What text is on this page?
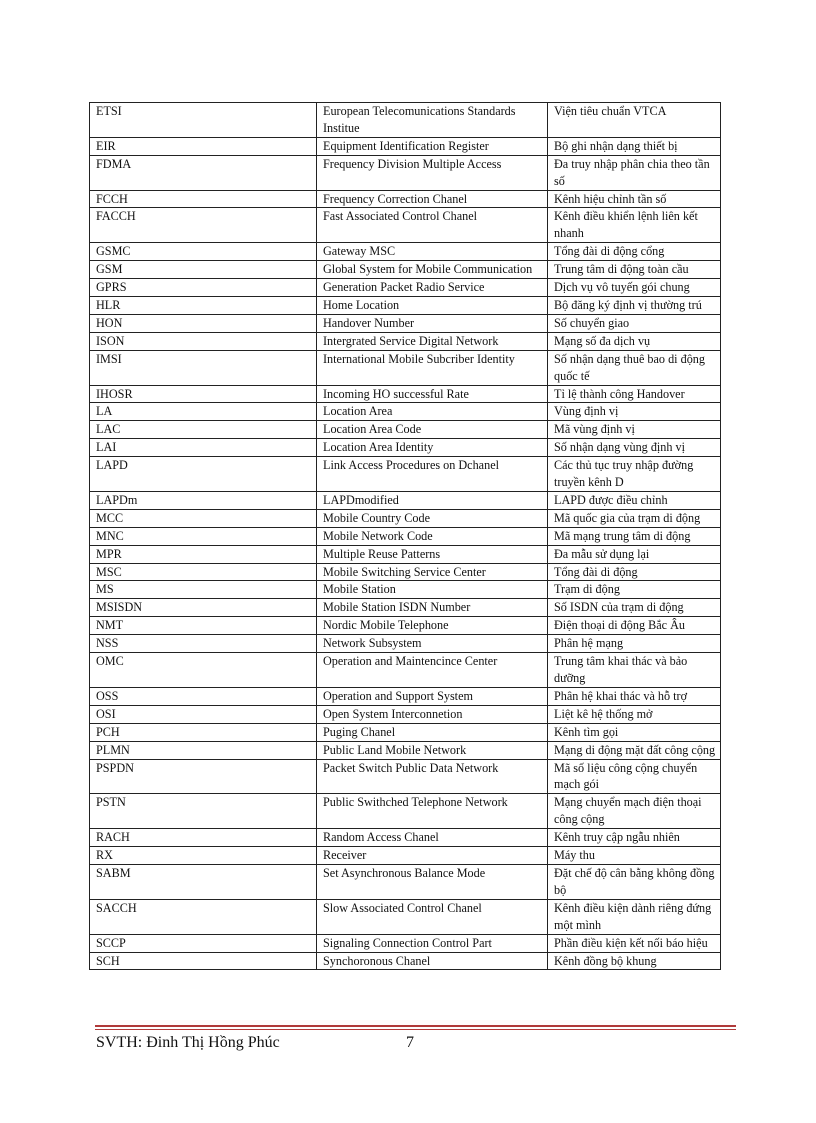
ETSI	European Telecomunications Standards Institue	Viện tiêu chuẩn VTCA
EIR	Equipment Identification Register	Bộ ghi nhận dạng thiết bị
FDMA	Frequency Division Multiple Access	Đa truy nhập phân chia theo tần số
FCCH	Frequency Correction Chanel	Kênh hiệu chỉnh tần số
FACCH	Fast Associated Control Chanel	Kênh điều khiển lệnh liên kết nhanh
GSMC	Gateway MSC	Tổng đài di động cổng
GSM	Global System for Mobile Communication	Trung tâm di động toàn cầu
GPRS	Generation Packet Radio Service	Dịch vụ vô tuyến gói chung
HLR	Home Location	Bộ đăng ký định vị thường trú
HON	Handover Number	Số chuyển giao
ISON	Intergrated Service Digital Network	Mạng số đa dịch vụ
IMSI	International Mobile Subcriber Identity	Số nhận dạng thuê bao di động quốc tế
IHOSR	Incoming HO successful Rate	Tỉ lệ thành công Handover
LA	Location Area	Vùng định vị
LAC	Location Area Code	Mã vùng định vị
LAI	Location Area Identity	Số nhận dạng vùng định vị
LAPD	Link Access Procedures on Dchanel	Các thủ tục truy nhập đường truyền kênh D
LAPDm	LAPDmodified	LAPD được điều chỉnh
MCC	Mobile Country Code	Mã quốc gia của trạm di động
MNC	Mobile Network Code	Mã mạng trung tâm di động
MPR	Multiple Reuse Patterns	Đa mẫu sử dụng lại
MSC	Mobile Switching Service Center	Tổng đài di động
MS	Mobile Station	Trạm di động
MSISDN	Mobile Station ISDN Number	Số ISDN của trạm di động
NMT	Nordic Mobile Telephone	Điện thoại di động Bắc Âu
NSS	Network Subsystem	Phân hệ mạng
OMC	Operation and Maintencince Center	Trung tâm khai thác và bảo dưỡng
OSS	Operation and Support System	Phân hệ khai thác và hỗ trợ
OSI	Open System Interconnetion	Liệt kê hệ thống mở
PCH	Puging Chanel	Kênh tìm gọi
PLMN	Public Land Mobile Network	Mạng di động mặt đất công cộng
PSPDN	Packet Switch Public Data Network	Mã số liệu công cộng chuyển mạch gói
PSTN	Public Swithched Telephone Network	Mạng chuyển mạch điện thoại công cộng
RACH	Random Access Chanel	Kênh truy cập ngẫu nhiên
RX	Receiver	Máy thu
SABM	Set Asynchronous Balance Mode	Đặt chế độ cân bằng không đồng bộ
SACCH	Slow Associated Control Chanel	Kênh điều kiện dành riêng đứng một mình
SCCP	Signaling Connection Control Part	Phần điều kiện kết nối báo hiệu
SCH	Synchoronous Chanel	Kênh đồng bộ khung
SVTH: Đinh Thị Hồng Phúc	7
